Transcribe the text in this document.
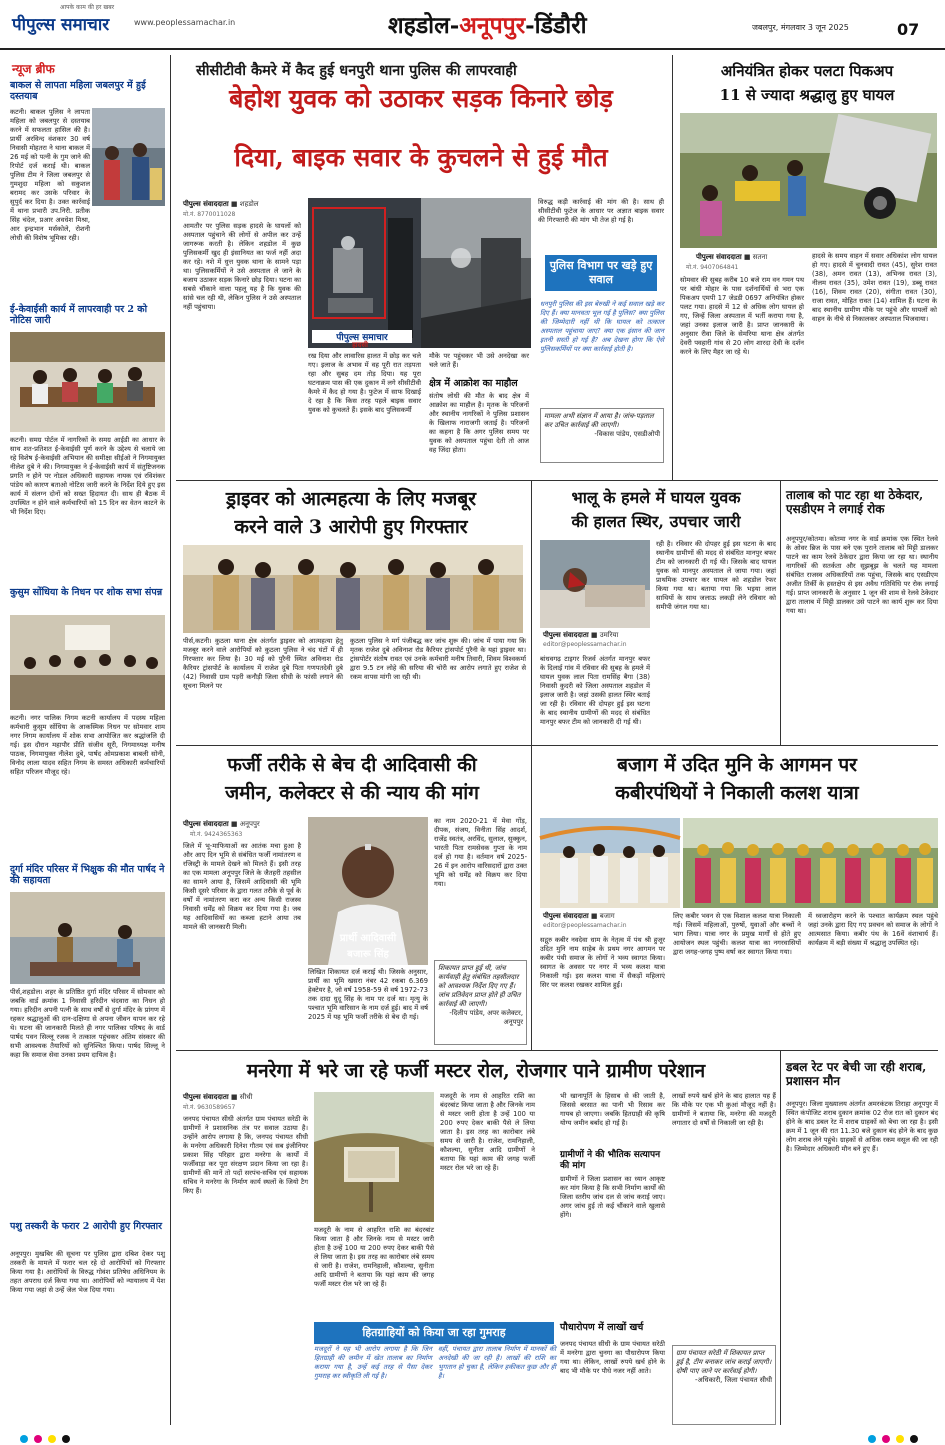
पीपुल्स समाचार
आपके काम की हर खबर
www.peoplessamachar.in	शहडोल-अनूपपुर-डिंडौरी	जबलपुर, मंगलवार 3 जून 2025	07
न्यूज ब्रीफ
बाकल से लापता महिला जबलपुर में हुई दस्तयाब
कटनी। बाकल पुलिस ने लापता महिला को जबलपुर से दस्तयाब करने में सफलता हासिल की है। प्रार्थी अरविन्द वंशकार 30 वर्ष निवासी मोहतरा ने थाना बाकल में 26 मई को पत्नी के गुम जाने की रिपोर्ट दर्ज कराई थी। बाकल पुलिस टीम ने जिला जबलपुर से गुमशुदा महिला को सकुशल बरामद कर उसके परिवार के सुपुर्द कर दिया है। उक्त कार्रवाई में थाना प्रभारी उप.निरी. प्रतीक सिंह चंदेल, प्रआर अवधेश मिश्रा, आर इन्द्रभान मर्सकोले, रोशनी लोधी की विशेष भूमिका रही।
ई-केवाईसी कार्य में लापरवाही पर 2 को नोटिस जारी
कटनी। समग्र पोर्टल में नागरिकों के समग्र आईडी का आधार के साथ शत-प्रतिशत ई-केवाईसी पूर्ण करने के उद्देश्य से चलाये जा रहे विशेष ई-केवाईसी अभियान की समीक्षा सीईओ ने निगमायुक्त नीलेश दुबे ने की। निगमायुक्त ने ई-केवाईसी कार्य में संतुष्टिजनक प्रगति न होने पर नोडल अधिकारी सहायक नायक एवं रविशंकर पांडेय को कारण बताओ नोटिस जारी करने के निर्देश दिये हुए इस कार्य में संलग्न दोनों को सख्त हिदायत दी। साथ ही बैठक में उपस्थित न होने वाले कर्मचारियों को 15 दिन का वेतन काटने के भी निर्देश दिए।
कुसुम सोंधिया के निधन पर शोक सभा संपन्न
कटनी। नगर पालिक निगम कटनी कार्यालय में पदस्थ महिला कर्मचारी कुसुम सोंधिया के आकस्मिक निधन पर सोमवार शाम नगर निगम कार्यालय में शोक सभा आयोजित कर श्रद्धांजलि दी गई। इस दौरान महापौर प्रीति संजीव सूरी, निगमाध्यक्ष मनीष पाठक, निगमायुक्त नीलेश दुबे, पार्षद ओमप्रकाश बाबली सोनी, विनोद लाला यादव सहित निगम के समस्त अधिकारी कर्मचारियों सहित परिजन मौजूद रहे।
दुर्गा मंदिर परिसर में भिक्षुक की मौत पार्षद ने की सहायता
पीर्स,शहडोल। शहर के प्रतिष्ठित दुर्गा मंदिर परिसर में सोमवार को जबकि वार्ड क्रमांक 1 निवासी हरिदीन चंदवारा का निधन हो गया। हरिदीन अपनी पत्नी के साथ वर्षों से दुर्गा मंदिर के प्रांगण में रहकर श्रद्धालुओं की दान-दक्षिणा से अपना जीवन यापन कर रहे थे। घटना की जानकारी मिलते ही नगर पालिका परिषद के वार्ड पार्षद पवन सिल्लू रजक ने तत्काल पहुंचकर अंतिम संस्कार की सभी आवश्यक तैयारियों को सुनिश्चित किया। पार्षद सिल्लू ने कहा कि समाज सेवा उनका प्रथम दायित्व है।
पशु तस्करी के फरार 2 आरोपी हुए गिरफ्तार
अनूपपुर। मुखबिर की सूचना पर पुलिस द्वारा दबिश देकर पशु तस्करी के मामले में फरार चल रहे दो आरोपियों को गिरफ्तार किया गया है। आरोपियों के विरुद्ध गोवंश प्रतिषेध अधिनियम के तहत अपराध दर्ज किया गया था। आरोपियों को न्यायालय में पेश किया गया जहां से उन्हें जेल भेज दिया गया।
सीसीटीवी कैमरे में कैद हुई धनपुरी थाना पुलिस की लापरवाही
बेहोश युवक को उठाकर सड़क किनारे छोड़
दिया, बाइक सवार के कुचलने से हुई मौत
पीपुल्स संवाददाता ■ शहडोल
मो.नं. 8770011028
पीपुल्स समाचार
हादसी
आमतौर पर पुलिस सड़क हादसे के घायलों को अस्पताल पहुंचाने की लोगों से अपील कर उन्हें जागरूक करती है। लेकिन शहडोल में कुछ पुलिसकर्मी खुद ही इंसानियत का फर्ज नहीं अदा कर रहे। नशे में धुत्त युवक थाना के सामने पड़ा था। पुलिसकर्मियों ने उसे अस्पताल ले जाने के बजाय उठाकर सड़क किनारे छोड़ दिया। घटना का सबसे चौंकाने वाला पहलू यह है कि युवक की सांसे चल रही थी, लेकिन पुलिस ने उसे अस्पताल नहीं पहुंचाया।
रख दिया और लावारिस हालत में छोड़ कर चले गए। इलाज के अभाव में वह पूरी रात तड़पता रहा और सुबह दम तोड़ दिया। यह पूरा घटनाक्रम पास की एक दुकान में लगे सीसीटीवी कैमरे में कैद हो गया है। फुटेज में साफ दिखाई दे रहा है कि किस तरह पहले बाइक सवार युवक को कुचलते हैं। इसके बाद पुलिसकर्मी
मौके पर पहुंचकर भी उसे अनदेखा कर चले जाते हैं।
क्षेत्र में आक्रोश का माहौल
संतोष लोधी की मौत के बाद क्षेत्र में आक्रोश का माहौल है। मृतक के परिजनों और स्थानीय नागरिकों ने पुलिस प्रशासन के खिलाफ नाराजगी जताई है। परिजनों का कहना है कि अगर पुलिस समय पर युवक को अस्पताल पहुंचा देती तो आज वह जिंदा होता।
विरुद्ध कड़ी कार्रवाई की मांग की है। साथ ही सीसीटीवी फुटेज के आधार पर अज्ञात बाइक सवार की गिरफ्तारी की मांग भी तेज हो गई है।
पुलिस विभाग पर खड़े हुए सवाल
धनपुरी पुलिस की इस बेरुखी ने कई सवाल खड़े कर दिए हैं। क्या मानवता भूल गई है पुलिस? क्या पुलिस की जिम्मेदारी नहीं थी कि घायल को तत्काल अस्पताल पहुंचाया जाए? क्या एक इंसान की जान इतनी सस्ती हो गई है? अब देखना होगा कि ऐसे पुलिसकर्मियों पर क्या कार्रवाई होती है।
मामला अभी संज्ञान में आया है। जांच-पड़ताल कर उचित कार्रवाई की जाएगी।
-विकास पांडेय, एसडीओपी
अनियंत्रित होकर पलटा पिकअप
11 से ज्यादा श्रद्धालु हुए घायल
पीपुल्स संवाददाता ■ सतना
मो.नं. 9407064841
सोमवार की सुबह करीब 10 बजे राम वन गमन पथ पर बांधी मोहार के पास दर्शनार्थियों से भरा एक पिकअप एमपी 17 जेडडी 0697 अनियंत्रित होकर पलट गया। हादसे में 12 से अधिक लोग घायल हो गए, जिन्हें जिला अस्पताल में भर्ती कराया गया है, जहां उनका इलाज जारी है। प्राप्त जानकारी के अनुसार रीवा जिले के सेमरिया थाना क्षेत्र अंतर्गत देवरी पवहारी गांव से 20 लोग शारदा देवी के दर्शन करने के लिए मैहर जा रहे थे।
हादसे के समय वाहन में सवार अधिकांश लोग घायल हो गए। हादसे में चुनवादी रावत (45), सुरेश रावत (38), अमन रावत (13), अभिनव रावत (3), नीलम रावत (35), उमेश रावत (19), डब्बू रावत (16), शिवम रावत (20), संगीता रावत (30), राजा रावत, मोहित रावत (14) शामिल हैं। घटना के बाद स्थानीय ग्रामीण मौके पर पहुंचे और घायलों को वाहन के नीचे से निकालकर अस्पताल भिजवाया।
ड्राइवर को आत्महत्या के लिए मजबूर
करने वाले 3 आरोपी हुए गिरफ्तार
पीर्स,कटनी। कुठला थाना क्षेत्र अंतर्गत ड्राइवर को आत्महत्या हेतु मजबूर करने वाले आरोपियों को कुठला पुलिस ने चंद घंटों में ही गिरफ्तार कर लिया है। 30 मई को पुरैनी स्थित अविनाश रोड कैरियर ट्रांसपोर्ट के कार्यालय में राजेश दुबे पिता गणपतदेवी दुबे (42) निवासी ग्राम पड़री कनौड़ी जिला सीधी के फांसी लगाने की सूचना मिलने पर
कुठला पुलिस ने मर्ग पंजीबद्ध कर जांच शुरू की। जांच में पाया गया कि मृतक राजेश दुबे अविनाश रोड कैरियर ट्रांसपोर्ट पुरैनी के यहां ड्राइवर था। ट्रांसपोर्टर संतोष रावत एवं उनके कर्मचारी मनीष तिवारी, शिवम विश्वकर्मा द्वारा 9.5 टन लोहे की सरिया की चोरी का आरोप लगाते हुए राजेश से रकम वापस मांगी जा रही थी।
भालू के हमले में घायल युवक
की हालत स्थिर, उपचार जारी
पीपुल्स संवाददाता ■ उमरिया
editor@peoplessamachar.in
बांधवगढ़ टाइगर रिजर्व अंतर्गत मानपुर बफर के दिलाई गांव में रविवार की सुबह के हमले में घायल युवक लाल पिता रामसिंह बैगा (38) निवासी कुदरी को जिला अस्पताल शहडोल में इलाज जारी है। जहां उसकी हालत स्थिर बताई जा रही है। रविवार की दोपहर हुई इस घटना के बाद स्थानीय ग्रामीणों की मदद से संबंधित मानपुर बफर टीम को जानकारी दी गई थी।
रही है। रविवार की दोपहर हुई इस घटना के बाद स्थानीय ग्रामीणों की मदद से संबंधित मानपुर बफर टीम को जानकारी दी गई थी। जिसके बाद घायल युवक को मानपुर अस्पताल ले जाया गया। जहां प्राथमिक उपचार कर घायल को शहडोल रेफर किया गया था। बताया गया कि भइया लाल साथियों के साथ जलाऊ लकड़ी लेने रविवार को समीपी जंगल गया था।
तालाब को पाट रहा था ठेकेदार, एसडीएम ने लगाई रोक
अनूपपुर/कोतमा। कोतमा नगर के वार्ड क्रमांक एक स्थित रेलवे के ओवर ब्रिज के पास बने एक पुराने तालाब को मिट्टी डालकर पाटने का काम रेलवे ठेकेदार द्वारा किया जा रहा था। स्थानीय नागरिकों की सतर्कता और सूझबूझ के चलते यह मामला संबंधित राजस्व अधिकारियों तक पहुंचा, जिसके बाद एसडीएम अजीत तिर्की के हस्तक्षेप से इस अवैध गतिविधि पर रोक लगाई गई। प्राप्त जानकारी के अनुसार 1 जून की शाम से रेलवे ठेकेदार द्वारा तालाब में मिट्टी डालकर उसे पाटने का कार्य शुरू कर दिया गया था।
फर्जी तरीके से बेच दी आदिवासी की
जमीन, कलेक्टर से की न्याय की मांग
पीपुल्स संवाददाता ■ अनूपपुर
मो.नं. 9424365363
प्रार्थी आदिवासी
बजारू सिंह
जिले में भू-माफियाओं का आतंक मचा हुआ है और आए दिन भूमि से संबंधित फर्जी नामांतरण व रजिस्ट्री के मामले देखने को मिलते हैं। इसी तरह का एक मामला अनूपपुर जिले के जैतहरी तहसील का सामने आया है, जिसमें आदिवासी की भूमि किसी दूसरे परिवार के द्वारा गलत तरीके से पूर्व के वर्षों में नामांतरण करा कर अन्य किसी राजस्व निवासी धर्मेंद्र को विक्रय कर दिया गया है। जब यह आदिवासियों का कब्जा हटाने आया तब मामले की जानकारी मिली।
लिखित शिकायत दर्ज कराई थी। जिसके अनुसार, प्रार्थी का भूमि खसरा नंबर 42 रकबा 6.369 हेक्टेयर है, जो वर्ष 1958-59 से वर्ष 1972-73 तक दादा धुदू सिंह के नाम पर दर्ज था। मृत्यु के पश्चात भूमि वारिसान के नाम दर्ज हुई। बाद में वर्ष 2025 में यह भूमि फर्जी तरीके से बेच दी गई।
का नाम 2020-21 में मेवा गोंड़, दीपक, संजय, विनीता सिंह आदर्श, राजेंद्र स्वतंत्र, अरविंद, सुलाल, सुक्कुन, भारती पिता रामसेवक गुप्ता के नाम दर्ज हो गया है। वर्तमान वर्ष 2025-26 में इन आरोप वारिसदारों द्वारा उक्त भूमि को धर्मेंद्र को विक्रय कर दिया गया।
शिकायत प्राप्त हुई थी, जांच कार्यवाही हेतु संबंधित तहसीलदार को आवश्यक निर्देश दिए गए हैं। जांच प्रतिवेदन प्राप्त होते ही उचित कार्रवाई की जाएगी।
-दिलीप पांडेय, अपर कलेक्टर, अनूपपुर
बजाग में उदित मुनि के आगमन पर
कबीरपंथियों ने निकाली कलश यात्रा
पीपुल्स संवाददाता ■ बजाग
editor@peoplessamachar.in
सद्गुरु कबीर नवदेवा धाम के नेतृत्व में पंथ श्री हुजूर उदित मुनि नाम साहेब के प्रथम नगर आगमन पर कबीर पंथी समाज के लोगों ने भव्य स्वागत किया। स्वागत के अवसर पर नगर में भव्य कलश यात्रा निकाली गई। इस कलश यात्रा में सैकड़ों महिलाएं सिर पर कलश रखकर शामिल हुईं।
लिए कबीर भवन से एक विशाल कलश यात्रा निकाली गई। जिसमें महिलाओं, पुरुषों, युवाओं और बच्चों ने भाग लिया। यात्रा नगर के प्रमुख मार्गों से होते हुए आयोजन स्थल पहुंची। कलश यात्रा का नगरवासियों द्वारा जगह-जगह पुष्प वर्षा कर स्वागत किया गया।
में ध्वजारोहण करने के पश्चात कार्यक्रम स्थल पहुंचे जहां उनके द्वारा दिए गए प्रवचन को समाज के लोगों ने आत्मसात किया। कबीर पंथ के 16वें वंशाचार्य हैं। कार्यक्रम में बड़ी संख्या में श्रद्धालु उपस्थित रहे।
मनरेगा में भरे जा रहे फर्जी मस्टर रोल, रोजगार पाने ग्रामीण परेशान
पीपुल्स संवाददाता ■ सीधी
मो.नं. 9630589657
जनपद पंचायत सीधी अंतर्गत ग्राम पंचायत सरेठी के ग्रामीणों ने प्रशासनिक तंत्र पर सवाल उठाया है। उन्होंने आरोप लगाया है कि, जनपद पंचायत सीधी के मनरेगा अधिकारी दिनेश गौतम एवं सब इंजीनियर प्रकाश सिंह परिहार द्वारा मनरेगा के कार्यों में फर्जीवाड़ा कर पूरा संरक्षण प्रदान किया जा रहा है। ग्रामीणों की मानें तो पदों सरपंच-सचिव एवं सहायक सचिव ने मनरेगा के निर्माण कार्य स्थलों के जियो टैग किए हैं।
मजदूरी के नाम से आहरित राशि का बंदरबांट किया जाता है और जिनके नाम से मस्टर जारी होता है उन्हें 100 या 200 रुपए देकर बाकी पैसे ले लिया जाता है। इस तरह का कारोबार लंबे समय से जारी है। राजेश, रामनिहाली, कौशल्या, सुनीता आदि ग्रामीणों ने बताया कि यहां काम की जगह फर्जी मस्टर रोल भरे जा रहे हैं।
मजदूरी के नाम से आहरित राशि का बंदरबांट किया जाता है और जिनके नाम से मस्टर जारी होता है उन्हें 100 या 200 रुपए देकर बाकी पैसे ले लिया जाता है। इस तरह का कारोबार लंबे समय से जारी है। राजेश, रामनिहाली, कौशल्या, सुनीता आदि ग्रामीणों ने बताया कि यहां काम की जगह फर्जी मस्टर रोल भरे जा रहे हैं।
भी खानापूर्ति के हिसाब से की जाती है, जिससे बरसात का पानी भी रिसाव कर गायब हो जाएगा। जबकि हितग्राही की कृषि योग्य जमीन बर्बाद हो गई है।
ग्रामीणों ने की भौतिक सत्यापन की मांग
ग्रामीणों ने जिला प्रशासन का ध्यान आकृष्ट कर मांग किया है कि सभी निर्माण कार्यों की जिला स्तरीय जांच दल से जांच कराई जाए। अगर जांच हुई तो कई चौंकाने वाले खुलासे होंगे।
लाखों रुपये खर्च होने के बाद हालात यह हैं कि मौके पर एक भी कुआं मौजूद नहीं है। ग्रामीणों ने बताया कि, मनरेगा की मजदूरी लगातार दो वर्षों से निकाली जा रही है।
हितग्राहियों को किया जा रहा गुमराह
मजदूरों ने यह भी आरोप लगाया है कि जिन हितग्राही की जमीन में खेत तालाब का निर्माण कराया गया है, उन्हें कई तरह से पैसा देकर गुमराह कर स्वीकृति ली गई है।
वहीं, पंचायत द्वारा तालाब निर्माण में मानकों की अनदेखी की जा रही है। लाखों की राशि का भुगतान हो चुका है, लेकिन हकीकत कुछ और ही है।
पौधारोपण में लाखों खर्च
जनपद पंचायत सीधी के ग्राम पंचायत सरेठी में मनरेगा द्वारा चुनगा का पौधारोपण किया गया था। लेकिन, लाखों रुपये खर्च होने के बाद भी मौके पर पौधे नजर नहीं आते।
ग्राम पंचायत सरेठी में शिकायत प्राप्त हुई है, टीम बनाकर जांच कराई जाएगी। दोषी पाए जाने पर कार्रवाई होगी।
-अधिकारी, जिला पंचायत सीधी
डबल रेट पर बेची जा रही शराब, प्रशासन मौन
अनूपपुर। जिला मुख्यालय अंतर्गत अमरकंटक तिराहा अनूपपुर में स्थित कंपोजिट शराब दुकान क्रमांक 02 रोज रात को दुकान बंद होने के बाद डबल रेट में शराब ग्राहकों को बेचा जा रहा है। इसी क्रम में 1 जून की रात 11.30 बजे दुकान बंद होने के बाद कुछ लोग शराब लेने पहुंचे। ग्राहकों से अधिक रकम वसूल की जा रही है। जिम्मेदार अधिकारी मौन बने हुए हैं।
